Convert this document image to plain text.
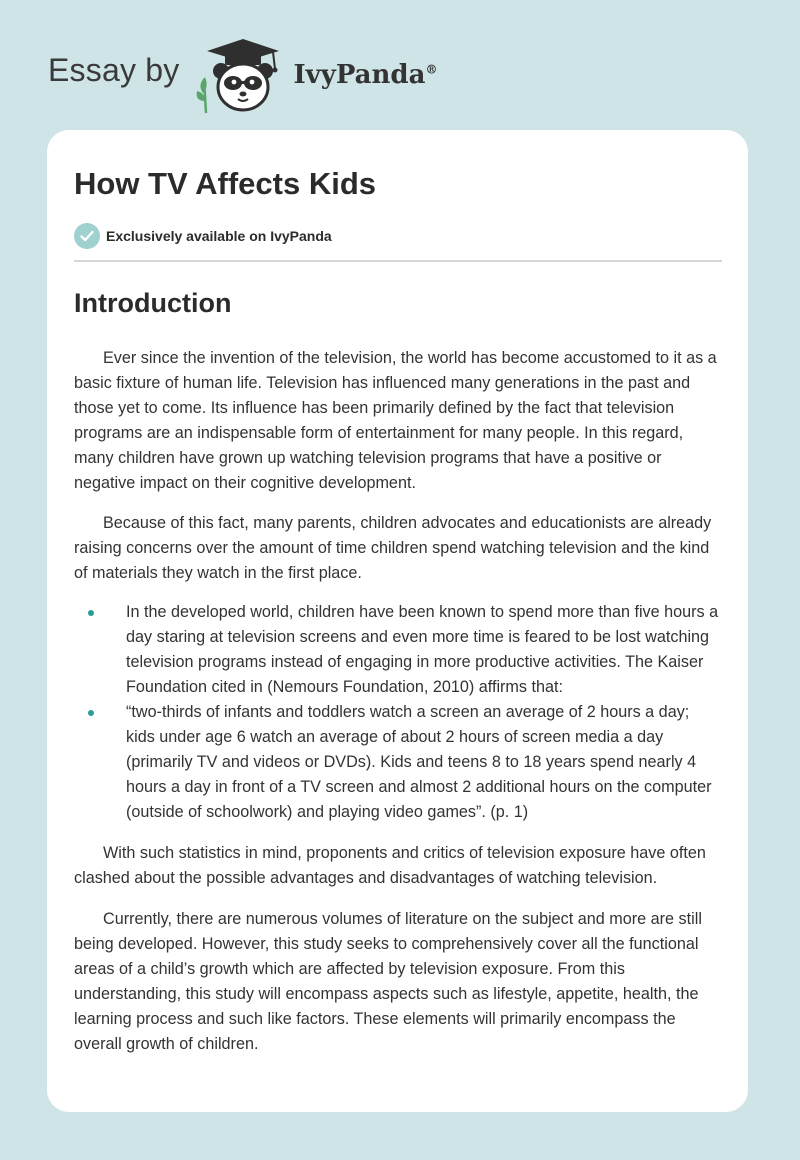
Essay by	IvyPanda®
How TV Affects Kids
Exclusively available on IvyPanda
Introduction

Ever since the invention of the television, the world has become accustomed to it as a basic fixture of human life. Television has influenced many generations in the past and those yet to come. Its influence has been primarily defined by the fact that television programs are an indispensable form of entertainment for many people. In this regard, many children have grown up watching television programs that have a positive or negative impact on their cognitive development.

Because of this fact, many parents, children advocates and educationists are already raising concerns over the amount of time children spend watching television and the kind of materials they watch in the first place.

In the developed world, children have been known to spend more than five hours a day staring at television screens and even more time is feared to be lost watching television programs instead of engaging in more productive activities. The Kaiser Foundation cited in (Nemours Foundation, 2010) affirms that:
“two-thirds of infants and toddlers watch a screen an average of 2 hours a day; kids under age 6 watch an average of about 2 hours of screen media a day (primarily TV and videos or DVDs). Kids and teens 8 to 18 years spend nearly 4 hours a day in front of a TV screen and almost 2 additional hours on the computer (outside of schoolwork) and playing video games”. (p. 1)

With such statistics in mind, proponents and critics of television exposure have often clashed about the possible advantages and disadvantages of watching television.

Currently, there are numerous volumes of literature on the subject and more are still being developed. However, this study seeks to comprehensively cover all the functional areas of a child’s growth which are affected by television exposure. From this understanding, this study will encompass aspects such as lifestyle, appetite, health, the learning process and such like factors. These elements will primarily encompass the overall growth of children.
